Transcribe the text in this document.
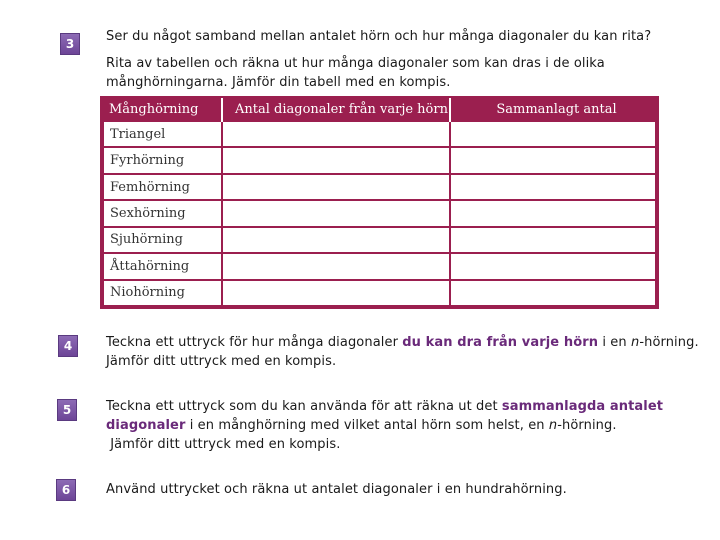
3 Ser du något samband mellan antalet hörn och hur många diagonaler du kan rita?
Rita av tabellen och räkna ut hur många diagonaler som kan dras i de olika
månghörningarna. Jämför din tabell med en kompis.
Månghörning	Antal diagonaler från varje hörn	Sammanlagt antal
Triangel		
Fyrhörning		
Femhörning		
Sexhörning		
Sjuhörning		
Åttahörning		
Niohörning		
4	Teckna ett uttryck för hur många diagonaler du kan dra från varje hörn i en n-hörning.
Jämför ditt uttryck med en kompis.
5	Teckna ett uttryck som du kan använda för att räkna ut det sammanlagda antalet
diagonaler i en månghörning med vilket antal hörn som helst, en n-hörning.
Jämför ditt uttryck med en kompis.
6	Använd uttrycket och räkna ut antalet diagonaler i en hundrahörning.
